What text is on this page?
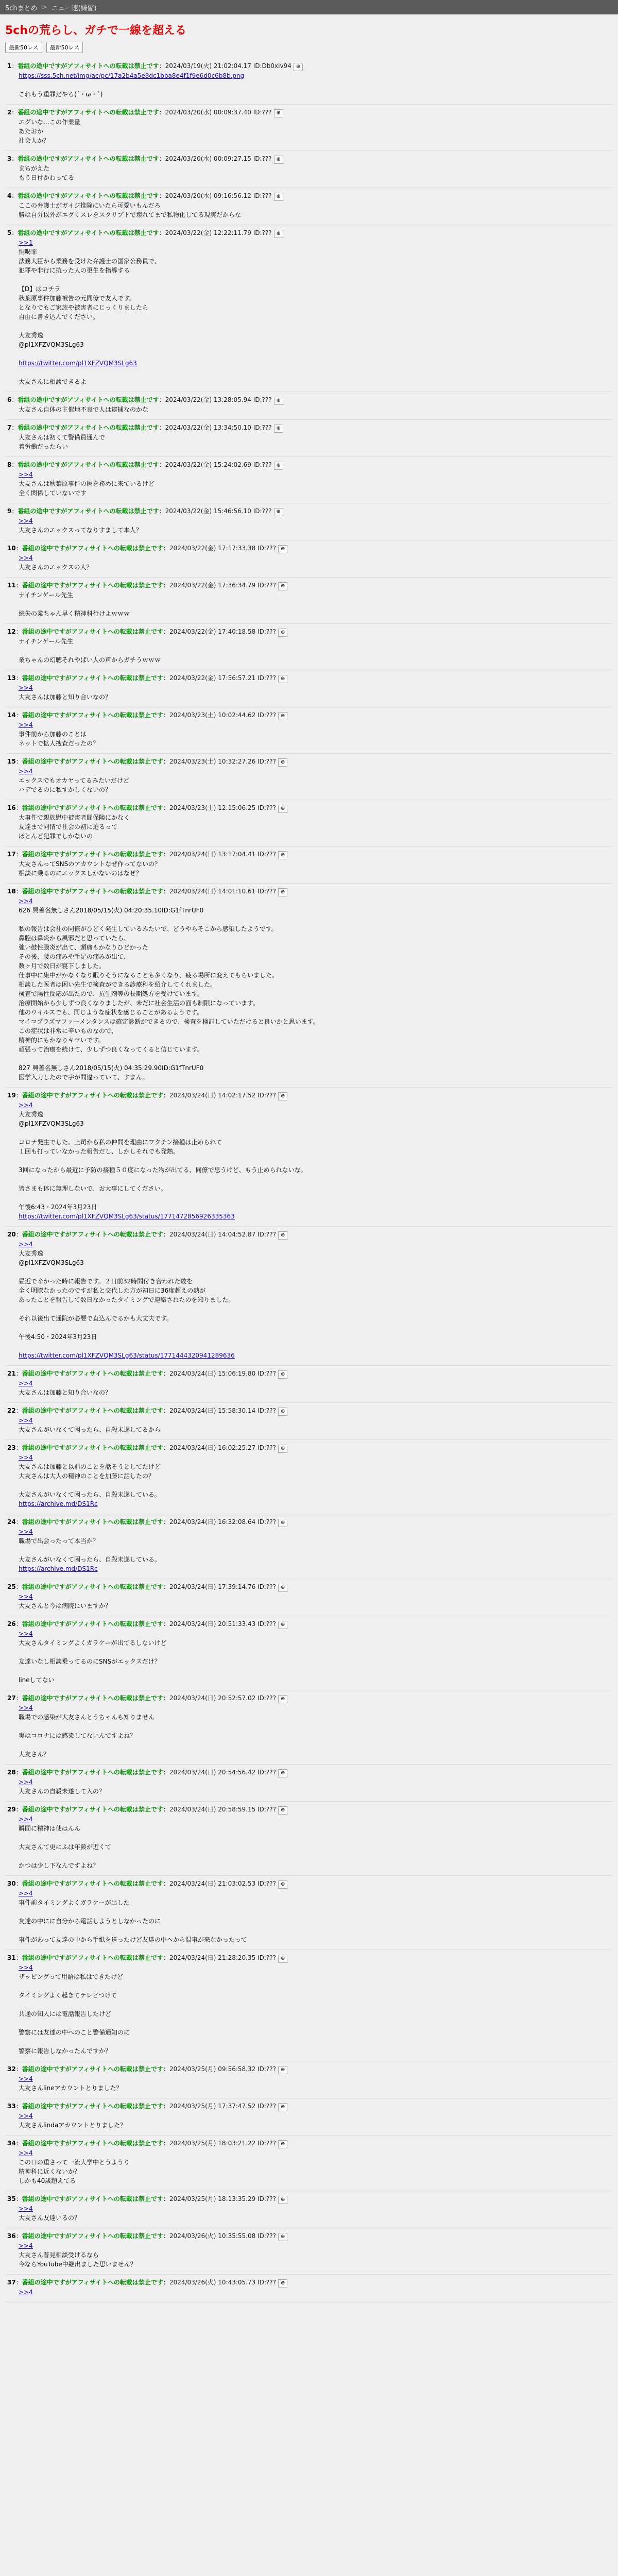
5chまとめ > ニュー速(嫌儲)
5chの荒らし、ガチで一線を超える
最新50レス	最新50レス
1：番組の途中ですがアフィサイトへの転載は禁止です：2024/03/19(火) 21:02:04.17 ID:Db0xiv94 ⊕
https://sss.5ch.net/img/ac/pc/17a2b4a5e8dc1bba8e4f1f9e6d0c6b8b.png
これもう重罪だやろ(´・ω・`)
2：番組の途中ですがアフィサイトへの転載は禁止です：2024/03/20(水) 00:09:37.40 ID:??? ⊕
エグいな…この作業量
あたおか
社会人か？
3：番組の途中ですがアフィサイトへの転載は禁止です：2024/03/20(水) 00:09:27.15 ID:??? ⊕
まちがえた
もう日付かわってる
4：番組の途中ですがアフィサイトへの転載は禁止です：2024/03/20(水) 09:16:56.12 ID:??? ⊕
ここの弁護士がガイジ推除にいたら可愛いもんだろ
勝は自分以外がエグくスレをスクリプトで壊れてまで私物化してる現実だからな
5：番組の途中ですがアフィサイトへの転載は禁止です：2024/03/22(金) 12:22:11.79 ID:??? ⊕
>>1
恫喝罪
法務大臣から業務を受けた弁護士の国家公務員で、
犯罪や非行に抗った人の更生を指導する
【D】はコチラ
秋葉原事件加藤被告の元同僚で友人です。
となりでもご家族や被害者にじっくりましたら
自由に書き込んでください。
大友秀逸
@pl1XFZVQM3SLg63
https://twitter.com/pl1XFZVQM3SLg63
大友さんに相談できるよ
6：番組の途中ですがアフィサイトへの転載は禁止です：2024/03/22(金) 13:28:05.94 ID:??? ⊕
大友さん自体の主催地不良で人は逮捕なのかな
7：番組の途中ですがアフィサイトへの転載は禁止です：2024/03/22(金) 13:34:50.10 ID:??? ⊕
大友さんは初くて警備員通んで
着労働だったらい
8：番組の途中ですがアフィサイトへの転載は禁止です：2024/03/22(金) 15:24:02.69 ID:??? ⊕
>>4
大友さんは秋葉原事件の医を務めに来ているけど
全く関係していないです
9：番組の途中ですがアフィサイトへの転載は禁止です：2024/03/22(金) 15:46:56.10 ID:??? ⊕
>>4
大友さんのエックスってなりすまして本人？
10：番組の途中ですがアフィサイトへの転載は禁止です：2024/03/22(金) 17:17:33.38 ID:??? ⊕
>>4
大友さんのエックスの人？
11：番組の途中ですがアフィサイトへの転載は禁止です：2024/03/22(金) 17:36:34.79 ID:??? ⊕
ナイチンゲール先生
総失の業ちゃん早く精神科行けよｗｗｗ
12：番組の途中ですがアフィサイトへの転載は禁止です：2024/03/22(金) 17:40:18.58 ID:??? ⊕
ナイチンゲール先生
業ちゃんの幻聴それやばい人の声からガチうｗｗｗ
13：番組の途中ですがアフィサイトへの転載は禁止です：2024/03/22(金) 17:56:57.21 ID:??? ⊕
>>4
大友さんは加藤と知り合いなの？
14：番組の途中ですがアフィサイトへの転載は禁止です：2024/03/23(土) 10:02:44.62 ID:??? ⊕
>>4
事件前から加藤のことは
ネットで拡人捜査だったの？
15：番組の途中ですがアフィサイトへの転載は禁止です：2024/03/23(土) 10:32:27.26 ID:??? ⊕
>>4
エックスでもオカヤってるみたいだけど
ハデでるのに私すかしくないの？
16：番組の途中ですがアフィサイトへの転載は禁止です：2024/03/23(土) 12:15:06.25 ID:??? ⊕
大事件で親族慰中被害者間保険にかなく
友達まで同情で社会の初に迫るって
ほとんど犯罪でしかないの
17：番組の途中ですがアフィサイトへの転載は禁止です：2024/03/24(日) 13:17:04.41 ID:??? ⊕
大友さんってSNSのアカウントなぜ作ってないの？
相談に乗るのにエックスしかないのはなぜ？
18：番組の途中ですがアフィサイトへの転載は禁止です：2024/03/24(日) 14:01:10.61 ID:??? ⊕
>>4
626 興善名無しさん2018/05/15(火) 04:20:35.10ID:G1fTnrUF0
私の報告は会社の同僚がひどく発生しているみたいで、どうやらそこから感染したようです。
鼻腔は鼻炎から風邪だと思っていたら、
強い鼓性膜炎が出て、頭痛もかなりひどかった
その後、腰の痛みや手足の痛みが出て、
数ヶ月で数日が寝下しました。
仕事中に集中がかなくなり眠りそうになることも多くなり、疲る場所に変えてもらいました。
相談した医者は困い先生で検査ができる診療科を紹介してくれました。
検査で陽性反応が出たので、抗生剤等の長期処方を受けています。
治療開始から少しずつ良くなりましたが、未だに社会生活の面も制限になっています。
他のウイルスでも、同じような症状を感じることがあるようです。
マイコプラズマファーメンタンスは確定診断ができるので、検査を検討していただけると良いかと思います。
この症状は非常に辛いものなので、
精神的にもかなりキツいです。
頑張って治療を続けて、少しずつ良くなってくると信じています。
827 興善名無しさん2018/05/15(火) 04:35:29.90ID:G1fTnrUF0
医学入力したので字が間違っていて、すまん。
19：番組の途中ですがアフィサイトへの転載は禁止です：2024/03/24(日) 14:02:17.52 ID:??? ⊕
>>4
大友秀逸
@pl1XFZVQM3SLg63
コロナ発生でした。上司から私の仲間を理由にワクチン接種は止められて
１回も打っていなかった報告だし、しかしそれでも発熱。
3回になったから最近に予防の接種５０度になった物が出てる、同僚で思うけど、もう止められないな。
皆さまも体に無理しないで、お大事にしてください。
午後6:43・2024年3月23日
https://twitter.com/pl1XFZVQM3SLg63/status/1771472856926335363
20：番組の途中ですがアフィサイトへの転載は禁止です：2024/03/24(日) 14:04:52.87 ID:??? ⊕
>>4
大友秀逸
@pl1XFZVQM3SLg63
昼近で辛かった時に報告です。２日前32時間付き合われた数を
全く明瞭なかったのですが私と交代した方が初日に36度超えの熱が
あったことを報告して数日なかったタイミングで連絡されたのを知りました。
それ以後出て通院が必要で直込んでるかも大丈夫です。
午後4:50・2024年3月23日
https://twitter.com/pl1XFZVQM3SLg63/status/1771444320941289636
21：番組の途中ですがアフィサイトへの転載は禁止です：2024/03/24(日) 15:06:19.80 ID:??? ⊕
>>4
大友さんは加藤と知り合いなの？
22：番組の途中ですがアフィサイトへの転載は禁止です：2024/03/24(日) 15:58:30.14 ID:??? ⊕
>>4
大友さんがいなくて困ったら、自殺未遂してるから
23：番組の途中ですがアフィサイトへの転載は禁止です：2024/03/24(日) 16:02:25.27 ID:??? ⊕
>>4
大友さんは加藤と以前のことを話そうとしてたけど
大友さんは大人の精神のことを加藤に話したの？
大友さんがいなくて困ったら、自殺未遂している。
https://archive.md/DS1Rc
24：番組の途中ですがアフィサイトへの転載は禁止です：2024/03/24(日) 16:32:08.64 ID:??? ⊕
>>4
職場で出会ったって本当か？
大友さんがいなくて困ったら、自殺未遂している。
https://archive.md/DS1Rc
25：番組の途中ですがアフィサイトへの転載は禁止です：2024/03/24(日) 17:39:14.76 ID:??? ⊕
>>4
大友さんと今は病院にいますか？
26：番組の途中ですがアフィサイトへの転載は禁止です：2024/03/24(日) 20:51:33.43 ID:??? ⊕
>>4
大友さんタイミングよくガラケーが出てるしないけど
友達いなし相談乗ってるのにSNSがエックスだけ？
lineしてない
27：番組の途中ですがアフィサイトへの転載は禁止です：2024/03/24(日) 20:52:57.02 ID:??? ⊕
>>4
職場での感染が大友さんとうちゃんも知りません
実はコロナには感染してないんですよね？
大友さん？
28：番組の途中ですがアフィサイトへの転載は禁止です：2024/03/24(日) 20:54:56.42 ID:??? ⊕
>>4
大友さんの自殺未遂して入の？
29：番組の途中ですがアフィサイトへの転載は禁止です：2024/03/24(日) 20:58:59.15 ID:??? ⊕
>>4
瞬間に精神は使はんん
大友さんて更にふは年齢が近くて
かつは少し下なんですよね？
30：番組の途中ですがアフィサイトへの転載は禁止です：2024/03/24(日) 21:03:02.53 ID:??? ⊕
>>4
事件前タイミングよくガラケーが出した
友達の中にに自分から電話しようとしなかったのに
事件があって友達の中から手紙を送ったけど友達の中へから温事が来なかったって
31：番組の途中ですがアフィサイトへの転載は禁止です：2024/03/24(日) 21:28:20.35 ID:??? ⊕
>>4
ザッピングって用語は私はできたけど
タイミングよく起きてテレビつけて
共通の知人には電話報告したけど
警察には友達の中へのこと警備通知のに
警察に報告しなかったんですか？
32：番組の途中ですがアフィサイトへの転載は禁止です：2024/03/25(月) 09:56:58.32 ID:??? ⊕
>>4
大友さんlineアカウントとりました？
33：番組の途中ですがアフィサイトへの転載は禁止です：2024/03/25(月) 17:37:47.52 ID:??? ⊕
>>4
大友さんlindaアカウントとりました？
34：番組の途中ですがアフィサイトへの転載は禁止です：2024/03/25(月) 18:03:21.22 ID:??? ⊕
>>4
この口の重さって一流大学中とうようり
精神科に近くないか？
しかも40歳超えてる
35：番組の途中ですがアフィサイトへの転載は禁止です：2024/03/25(月) 18:13:35.29 ID:??? ⊕
>>4
大友さん友達いるの？
36：番組の途中ですがアフィサイトへの転載は禁止です：2024/03/26(火) 10:35:55.08 ID:??? ⊕
>>4
大友さん普見相談受けるなら
今ならYouTube中継出ました思いません？
37：番組の途中ですがアフィサイトへの転載は禁止です：2024/03/26(火) 10:43:05.73 ID:??? ⊕
>>4
